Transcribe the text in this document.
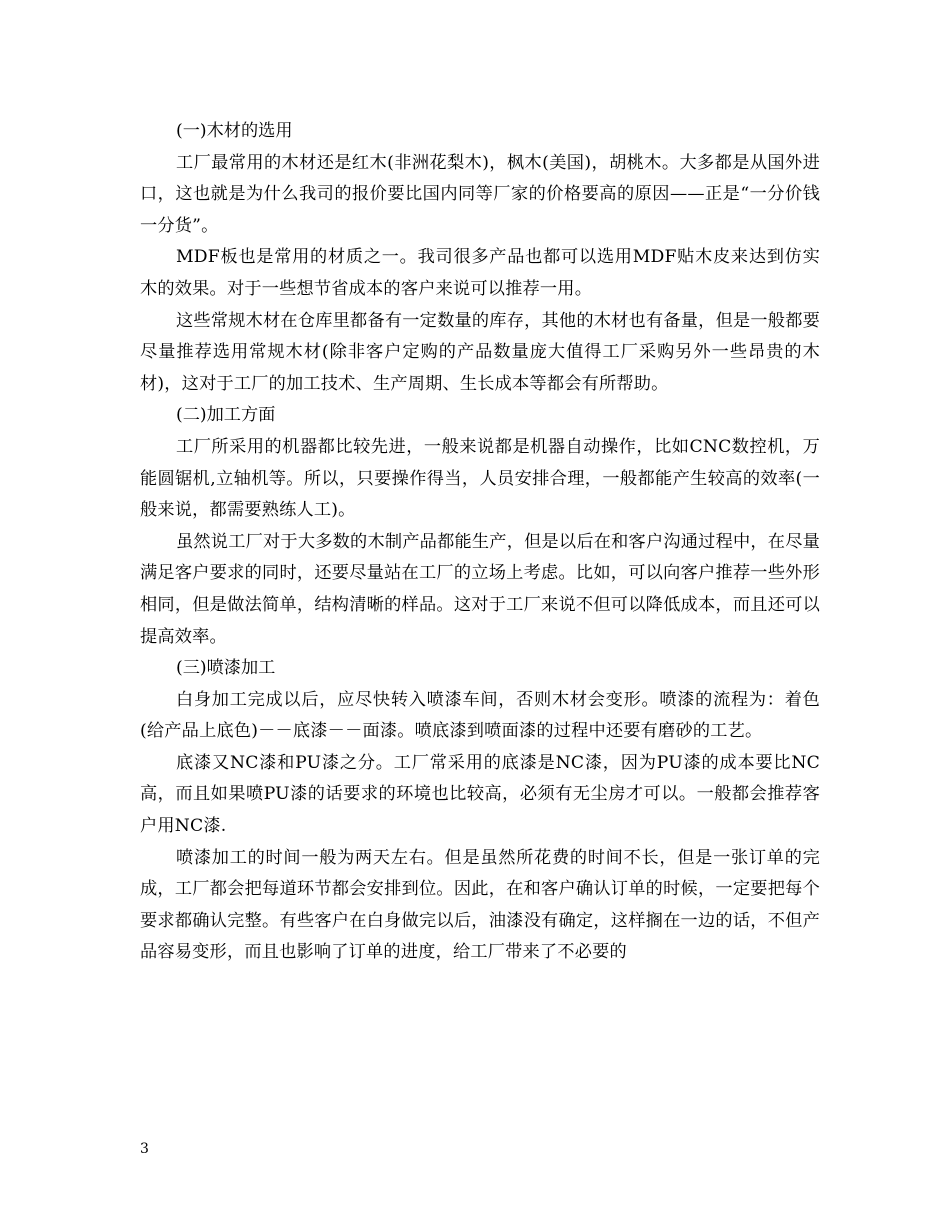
(一)木材的选用

工厂最常用的木材还是红木(非洲花梨木)，枫木(美国)，胡桃木。大多都是从国外进口，这也就是为什么我司的报价要比国内同等厂家的价格要高的原因——正是“一分价钱一分货”。

MDF板也是常用的材质之一。我司很多产品也都可以选用MDF贴木皮来达到仿实木的效果。对于一些想节省成本的客户来说可以推荐一用。

这些常规木材在仓库里都备有一定数量的库存，其他的木材也有备量，但是一般都要尽量推荐选用常规木材(除非客户定购的产品数量庞大值得工厂采购另外一些昂贵的木材)，这对于工厂的加工技术、生产周期、生长成本等都会有所帮助。

(二)加工方面

工厂所采用的机器都比较先进，一般来说都是机器自动操作，比如CNC数控机，万能圆锯机,立轴机等。所以，只要操作得当，人员安排合理，一般都能产生较高的效率(一般来说，都需要熟练人工)。

虽然说工厂对于大多数的木制产品都能生产，但是以后在和客户沟通过程中，在尽量满足客户要求的同时，还要尽量站在工厂的立场上考虑。比如，可以向客户推荐一些外形相同，但是做法简单，结构清晰的样品。这对于工厂来说不但可以降低成本，而且还可以提高效率。

(三)喷漆加工

白身加工完成以后，应尽快转入喷漆车间，否则木材会变形。喷漆的流程为：着色(给产品上底色)－－底漆－－面漆。喷底漆到喷面漆的过程中还要有磨砂的工艺。

底漆又NC漆和PU漆之分。工厂常采用的底漆是NC漆，因为PU漆的成本要比NC高，而且如果喷PU漆的话要求的环境也比较高，必须有无尘房才可以。一般都会推荐客户用NC漆.

喷漆加工的时间一般为两天左右。但是虽然所花费的时间不长，但是一张订单的完成，工厂都会把每道环节都会安排到位。因此，在和客户确认订单的时候，一定要把每个要求都确认完整。有些客户在白身做完以后，油漆没有确定，这样搁在一边的话，不但产品容易变形，而且也影响了订单的进度，给工厂带来了不必要的

3
